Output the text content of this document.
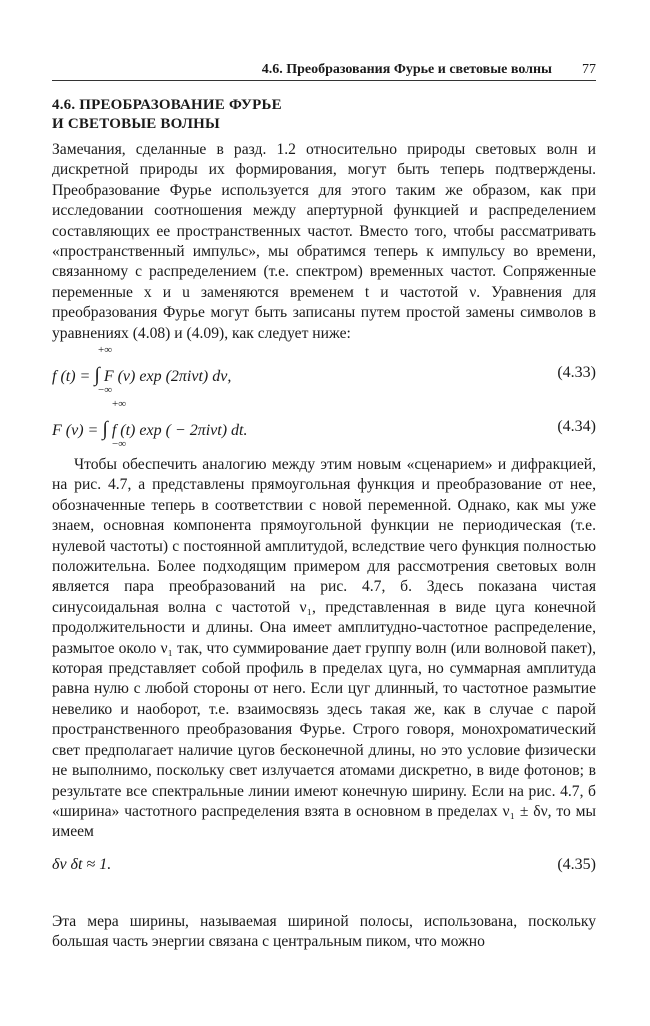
4.6. Преобразования Фурье и световые волны 77
4.6. ПРЕОБРАЗОВАНИЕ ФУРЬЕ
И СВЕТОВЫЕ ВОЛНЫ
Замечания, сделанные в разд. 1.2 относительно природы световых волн и дискретной природы их формирования, могут быть теперь подтверждены. Преобразование Фурье используется для этого таким же образом, как при исследовании соотношения между апертурной функцией и распределением составляющих ее пространственных частот. Вместо того, чтобы рассматривать «пространственный импульс», мы обратимся теперь к импульсу во времени, связанному с распределением (т.е. спектром) временных частот. Сопряженные переменные x и u заменяются временем t и частотой ν. Уравнения для преобразования Фурье могут быть записаны путем простой замены символов в уравнениях (4.08) и (4.09), как следует ниже:
f (t) = ∫ F (ν) exp (2πiνt) dν,
+∞
−∞
(4.33)
F (ν) = ∫ f (t) exp ( − 2πiνt) dt.
+∞
−∞
(4.34)
Чтобы обеспечить аналогию между этим новым «сценарием» и дифракцией, на рис. 4.7, а представлены прямоугольная функция и преобразование от нее, обозначенные теперь в соответствии с новой переменной. Однако, как мы уже знаем, основная компонента прямоугольной функции не периодическая (т.е. нулевой частоты) с постоянной амплитудой, вследствие чего функция полностью положительна. Более подходящим примером для рассмотрения световых волн является пара преобразований на рис. 4.7, б. Здесь показана чистая синусоидальная волна с частотой ν₁, представленная в виде цуга конечной продолжительности и длины. Она имеет амплитудно-частотное распределение, размытое около ν₁ так, что суммирование дает группу волн (или волновой пакет), которая представляет собой профиль в пределах цуга, но суммарная амплитуда равна нулю с любой стороны от него. Если цуг длинный, то частотное размытие невелико и наоборот, т.е. взаимосвязь здесь такая же, как в случае с парой пространственного преобразования Фурье. Строго говоря, монохроматический свет предполагает наличие цугов бесконечной длины, но это условие физически не выполнимо, поскольку свет излучается атомами дискретно, в виде фотонов; в результате все спектральные линии имеют конечную ширину. Если на рис. 4.7, б «ширина» частотного распределения взята в основном в пределах ν₁ ± δν, то мы имеем
δν δt ≈ 1.	(4.35)
Эта мера ширины, называемая шириной полосы, использована, поскольку большая часть энергии связана с центральным пиком, что можно
